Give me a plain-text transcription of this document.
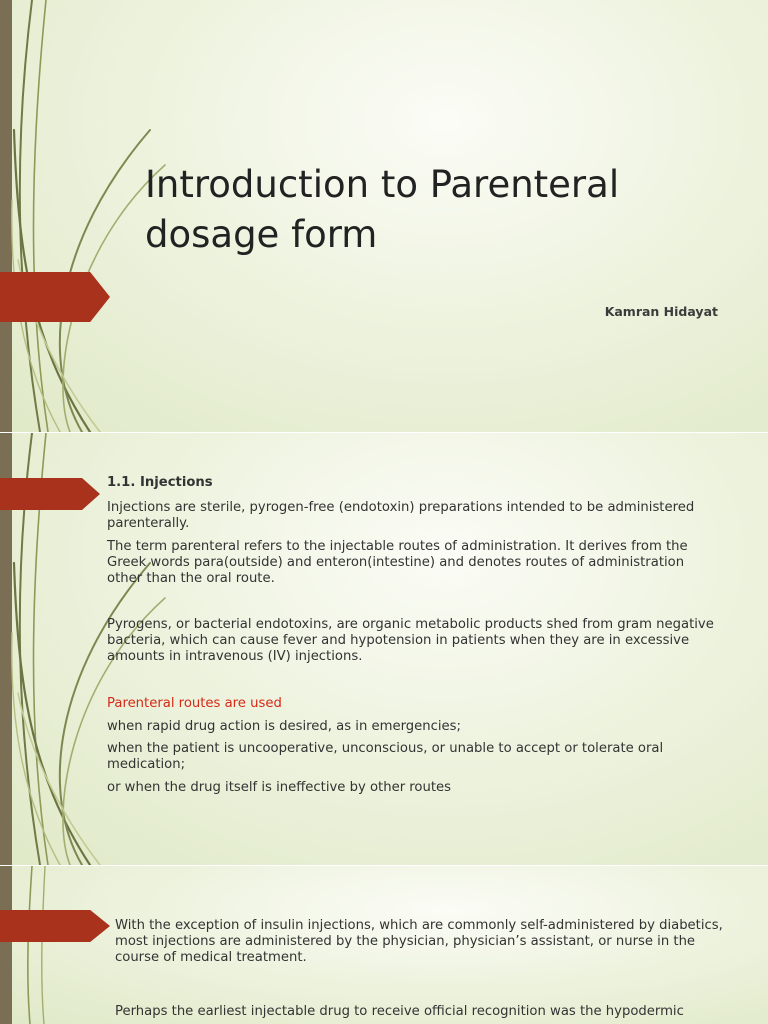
Introduction to Parenteral dosage form

Kamran Hidayat

1.1. Injections

Injections are sterile, pyrogen-free (endotoxin) preparations intended to be administered parenterally.

The term parenteral refers to the injectable routes of administration. It derives from the Greek words para(outside) and enteron(intestine) and denotes routes of administration other than the oral route.

Pyrogens, or bacterial endotoxins, are organic metabolic products shed from gram negative bacteria, which can cause fever and hypotension in patients when they are in excessive amounts in intravenous (IV) injections.

Parenteral routes are used

when rapid drug action is desired, as in emergencies;

when the patient is uncooperative, unconscious, or unable to accept or tolerate oral medication;

or when the drug itself is ineffective by other routes

With the exception of insulin injections, which are commonly self-administered by diabetics, most injections are administered by the physician, physician’s assistant, or nurse in the course of medical treatment.

Perhaps the earliest injectable drug to receive official recognition was the hypodermic
